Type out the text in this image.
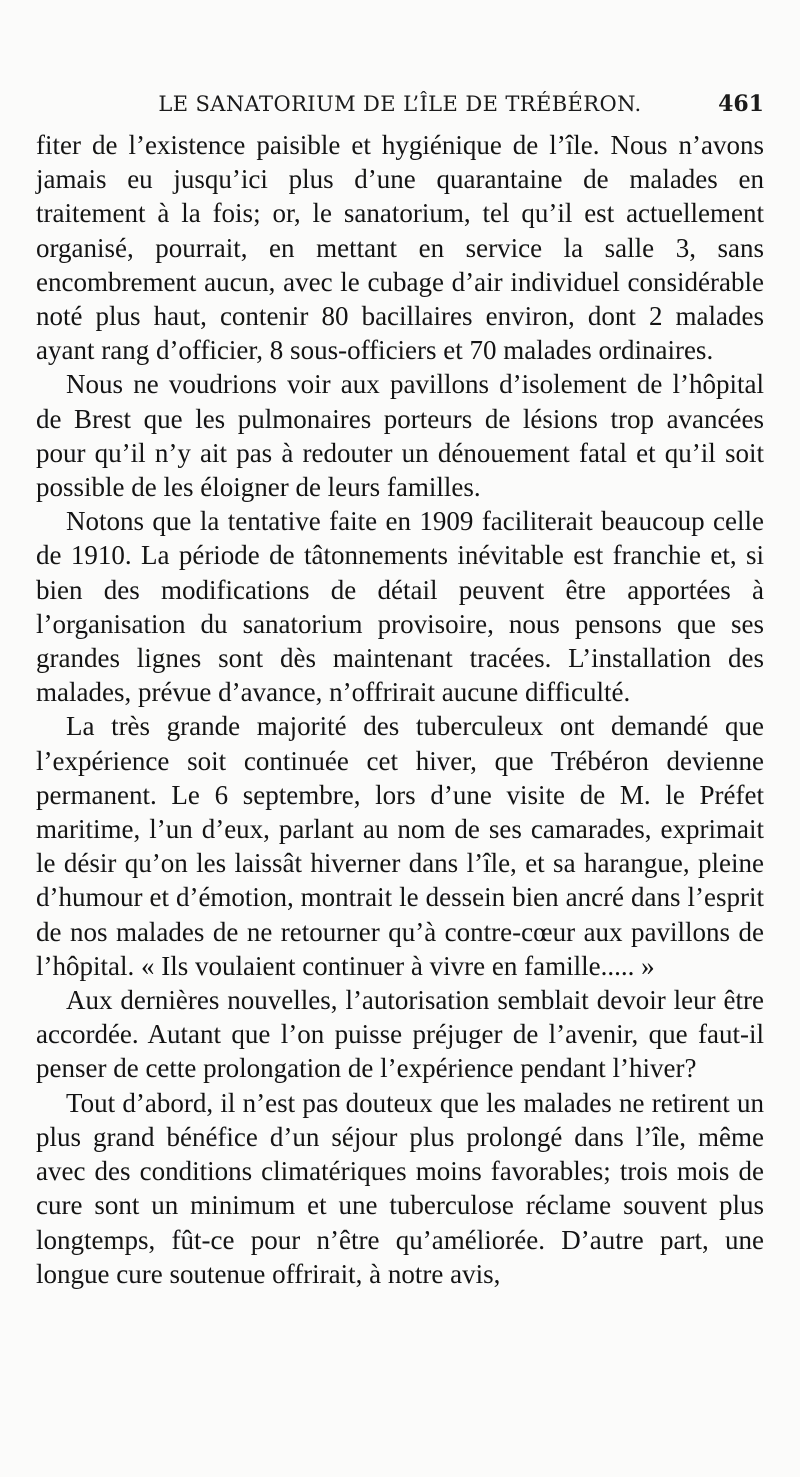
LE SANATORIUM DE L’ÎLE DE TRÉBÉRON.	461

fiter de l’existence paisible et hygiénique de l’île. Nous n’avons jamais eu jusqu’ici plus d’une quarantaine de malades en traitement à la fois; or, le sanatorium, tel qu’il est actuellement organisé, pourrait, en mettant en service la salle 3, sans encombrement aucun, avec le cubage d’air individuel considérable noté plus haut, contenir 80 bacillaires environ, dont 2 malades ayant rang d’officier, 8 sous-officiers et 70 malades ordinaires.

Nous ne voudrions voir aux pavillons d’isolement de l’hôpital de Brest que les pulmonaires porteurs de lésions trop avancées pour qu’il n’y ait pas à redouter un dénouement fatal et qu’il soit possible de les éloigner de leurs familles.

Notons que la tentative faite en 1909 faciliterait beaucoup celle de 1910. La période de tâtonnements inévitable est franchie et, si bien des modifications de détail peuvent être apportées à l’organisation du sanatorium provisoire, nous pensons que ses grandes lignes sont dès maintenant tracées. L’installation des malades, prévue d’avance, n’offrirait aucune difficulté.

La très grande majorité des tuberculeux ont demandé que l’expérience soit continuée cet hiver, que Trébéron devienne permanent. Le 6 septembre, lors d’une visite de M. le Préfet maritime, l’un d’eux, parlant au nom de ses camarades, exprimait le désir qu’on les laissât hiverner dans l’île, et sa harangue, pleine d’humour et d’émotion, montrait le dessein bien ancré dans l’esprit de nos malades de ne retourner qu’à contre-cœur aux pavillons de l’hôpital. « Ils voulaient continuer à vivre en famille..... »

Aux dernières nouvelles, l’autorisation semblait devoir leur être accordée. Autant que l’on puisse préjuger de l’avenir, que faut-il penser de cette prolongation de l’expérience pendant l’hiver?

Tout d’abord, il n’est pas douteux que les malades ne retirent un plus grand bénéfice d’un séjour plus prolongé dans l’île, même avec des conditions climatériques moins favorables; trois mois de cure sont un minimum et une tuberculose réclame souvent plus longtemps, fût-ce pour n’être qu’améliorée. D’autre part, une longue cure soutenue offrirait, à notre avis,
